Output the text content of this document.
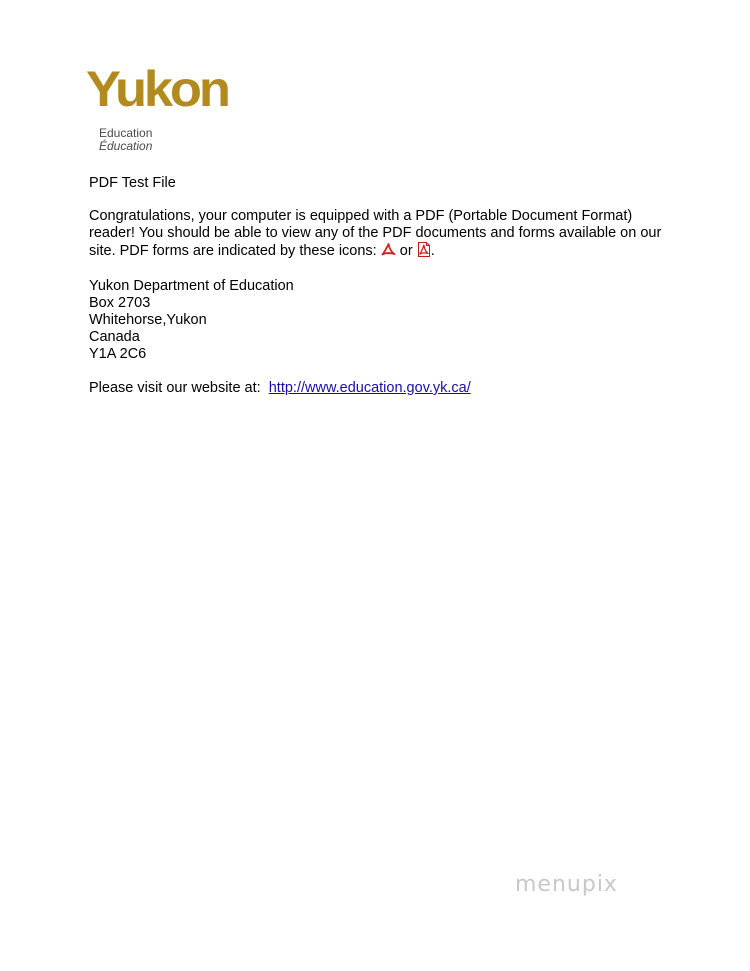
Yukon
Education
Éducation

PDF Test File

Congratulations, your computer is equipped with a PDF (Portable Document Format) reader! You should be able to view any of the PDF documents and forms available on our site. PDF forms are indicated by these icons: or .

Yukon Department of Education
Box 2703
Whitehorse,Yukon
Canada
Y1A 2C6

Please visit our website at: http://www.education.gov.yk.ca/

menupix
